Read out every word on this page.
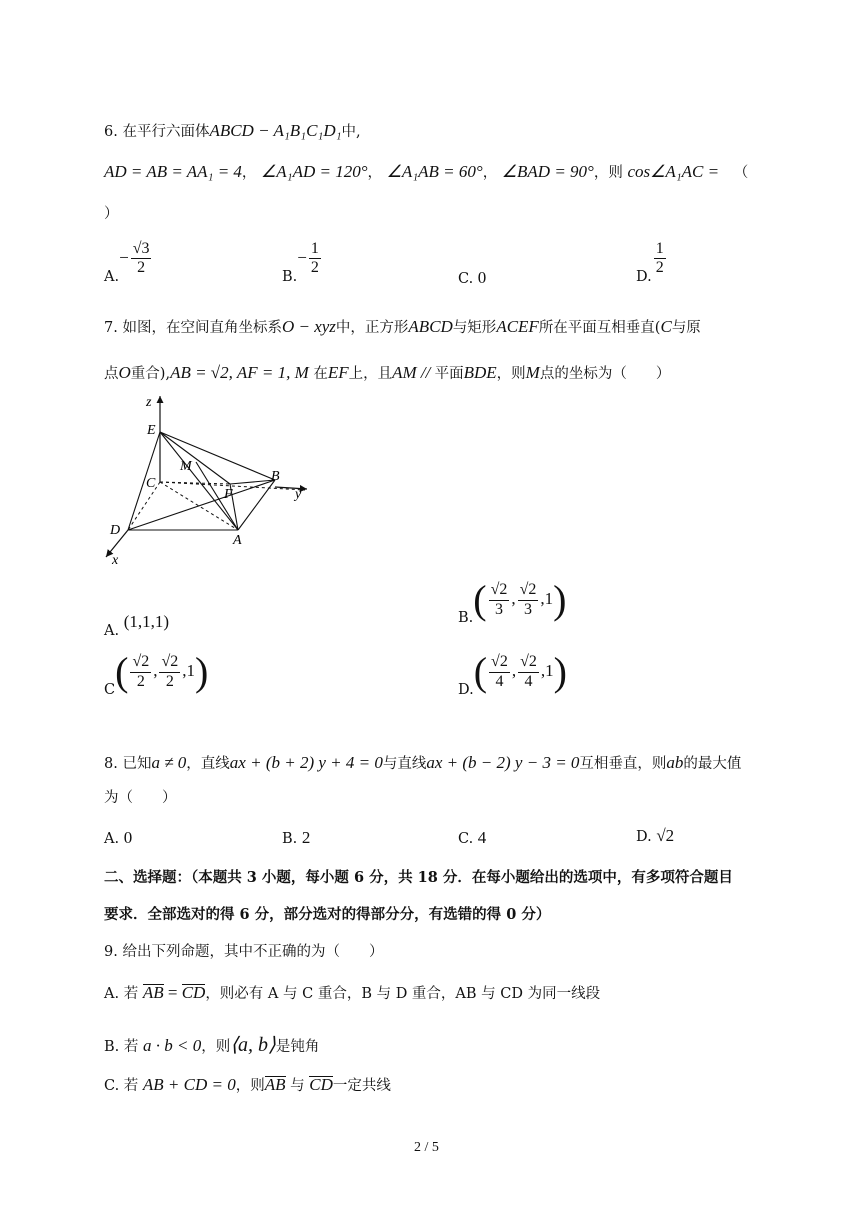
6. 在平行六面体ABCD − A₁B₁C₁D₁中,
AD = AB = AA₁ = 4， ∠A₁AD = 120°， ∠A₁AB = 60°， ∠BAD = 90°，则 cos∠A₁AC = （
）
$A.- \frac{√3}{2}$	$B.- \frac{1}{2}$
C. 0	D. $\frac{1}{2}$
7. 如图，在空间直角坐标系O − xyz中，正方形ABCD与矩形ACEF所在平面互相垂直(C与原
点O重合),AB = √2, AF = 1, M 在EF上，且AM // 平面BDE，则M点的坐标为（　　）
z
y
x
E
M
C
F
B
D
A
A. (1,1,1)	$B.( \frac{√2}{3}$ , $\frac{√2}{3} ,1$)
$C( \frac{√2}{2}$ , $\frac{√2}{2} ,1$)	$D.( \frac{√2}{4}$ , $\frac{√2}{4} ,1$)
8. 已知a ≠ 0，直线ax + (b + 2) y + 4 = 0与直线ax + (b − 2) y − 3 = 0互相垂直，则ab的最大值
为（　　）
A. 0	B. 2	C. 4	D. √2
二、选择题：（本题共 3 小题，每小题 6 分，共 18 分．在每小题给出的选项中，有多项符合题目
要求．全部选对的得 6 分，部分选对的得部分分，有选错的得 0 分）
9. 给出下列命题，其中不正确的为（　　）
A. 若 AB = CD，则必有 A 与 C 重合，B 与 D 重合，AB 与 CD 为同一线段
B. 若 a · b < 0，则⟨a, b⟩是钝角
C. 若 AB + CD = 0，则AB 与 CD一定共线
2 / 5
